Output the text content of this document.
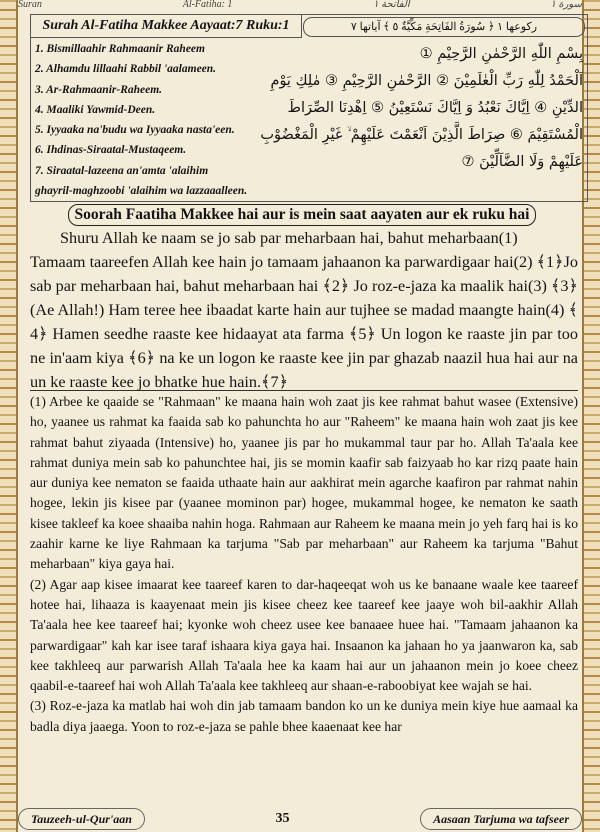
Suran	Al-Fatiha: 1	الفاتحة ١	سورة ١
Surah Al-Fatiha Makkee Aayaat:7 Ruku:1	رکوعها ١ ﴿ سُورَةُ الفَاتِحَةِ مَكِّيَّةٌ ٥ ﴾ آياتها ٧
1. Bismillaahir Rahmaanir Raheem
2. Alhamdu lillaahi Rabbil 'aalameen.
3. Ar-Rahmaanir-Raheem.
4. Maaliki Yawmid-Deen.
5. Iyyaaka na'budu wa Iyyaaka nasta'een.
6. Ihdinas-Siraatal-Mustaqeem.
7. Siraatal-lazeena an'amta 'alaihim
ghayril-maghzoobi 'alaihim wa lazzaaalleen.
بِسْمِ اللّٰهِ الرَّحْمٰنِ الرَّحِيْمِ ①
اَلْحَمْدُ لِلّٰهِ رَبِّ الْعٰلَمِيْنَ ② الرَّحْمٰنِ الرَّحِيْمِ ③ مٰلِكِ يَوْمِ
الدِّيْنِ ④ اِيَّاكَ نَعْبُدُ وَ اِيَّاكَ نَسْتَعِيْنُ ⑤ اِهْدِنَا الصِّرَاطَ
الْمُسْتَقِيْمَ ⑥ صِرَاطَ الَّذِيْنَ اَنْعَمْتَ عَلَيْهِمْ ۙ غَيْرِ الْمَغْضُوْبِ
عَلَيْهِمْ وَلَا الضَّآلِّيْنَ ⑦
Soorah Faatiha Makkee hai aur is mein saat aayaten aur ek ruku hai

Shuru Allah ke naam se jo sab par meharbaan hai, bahut meharbaan(1)

Tamaam taareefen Allah kee hain jo tamaam jahaanon ka parwardigaar hai(2) ﴾1﴿Jo sab par meharbaan hai, bahut meharbaan hai ﴾2﴿ Jo roz-e-jaza ka maalik hai(3) ﴾3﴿ (Ae Allah!) Ham teree hee ibaadat karte hain aur tujhee se madad maangte hain(4) ﴾4﴿ Hamen seedhe raaste kee hidaayat ata farma ﴾5﴿ Un logon ke raaste jin par too ne in'aam kiya ﴾6﴿ na ke un logon ke raaste kee jin par ghazab naazil hua hai aur na un ke raaste kee jo bhatke hue hain.﴾7﴿

(1) Arbee ke qaaide se "Rahmaan" ke maana hain woh zaat jis kee rahmat bahut wasee (Extensive) ho, yaanee us rahmat ka faaida sab ko pahunchta ho aur "Raheem" ke maana hain woh zaat jis kee rahmat bahut ziyaada (Intensive) ho, yaanee jis par ho mukammal taur par ho. Allah Ta'aala kee rahmat duniya mein sab ko pahunchtee hai, jis se momin kaafir sab faizyaab ho kar rizq paate hain aur duniya kee nematon se faaida uthaate hain aur aakhirat mein agarche kaafiron par rahmat nahin hogee, lekin jis kisee par (yaanee mominon par) hogee, mukammal hogee, ke nematon ke saath kisee takleef ka koee shaaiba nahin hoga. Rahmaan aur Raheem ke maana mein jo yeh farq hai is ko zaahir karne ke liye Rahmaan ka tarjuma "Sab par meharbaan" aur Raheem ka tarjuma "Bahut meharbaan" kiya gaya hai.

(2) Agar aap kisee imaarat kee taareef karen to dar-haqeeqat woh us ke banaane waale kee taareef hotee hai, lihaaza is kaayenaat mein jis kisee cheez kee taareef kee jaaye woh bil-aakhir Allah Ta'aala hee kee taareef hai; kyonke woh cheez usee kee banaaee huee hai. "Tamaam jahaanon ka parwardigaar" kah kar isee taraf ishaara kiya gaya hai. Insaanon ka jahaan ho ya jaanwaron ka, sab kee takhleeq aur parwarish Allah Ta'aala hee ka kaam hai aur un jahaanon mein jo koee cheez qaabil-e-taareef hai woh Allah Ta'aala kee takhleeq aur shaan-e-raboobiyat kee wajah se hai.

(3) Roz-e-jaza ka matlab hai woh din jab tamaam bandon ko un ke duniya mein kiye hue aamaal ka badla diya jaaega. Yoon to roz-e-jaza se pahle bhee kaaenaat kee har

Tauzeeh-ul-Qur'aan	35	Aasaan Tarjuma wa tafseer
